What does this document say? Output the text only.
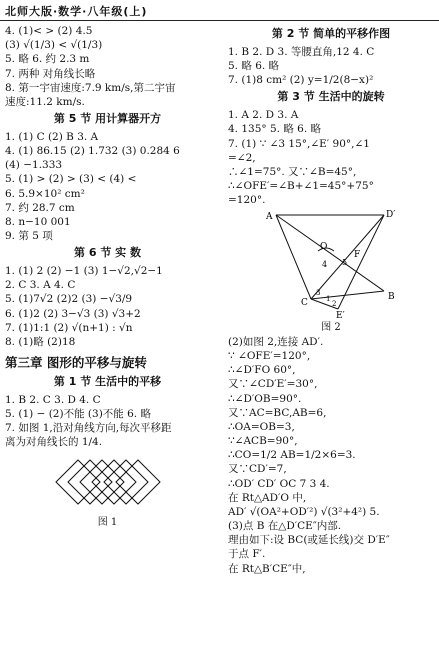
北师大版·数学·八年级(上)

4. (1)< > (2) 4.5

(3) √(1/3) < √(1/3)

5. 略 6. 约 2.3 m

7. 两种 对角线长略

8. 第一宇宙速度:7.9 km/s,第二宇宙

速度:11.2 km/s.

第 5 节 用计算器开方

1. (1) C (2) B 3. A

4. (1) 86.15 (2) 1.732 (3) 0.284 6

(4) −1.333

5. (1) > (2) > (3) < (4) <

6. 5.9×10² cm²

7. 约 28.7 cm

8. n−10 001

9. 第 5 项

第 6 节 实 数

1. (1) 2 (2) −1 (3) 1−√2,√2−1

2. C 3. A 4. C

5. (1)7√2 (2)2 (3) −√3/9

6. (1)2 (2) 3−√3 (3) √3+2

7. (1)1:1 (2) √(n+1) : √n

8. (1)略 (2)18

第三章 图形的平移与旋转

第 1 节 生活中的平移

1. B 2. C 3. D 4. C

5. (1) − (2)不能 (3)不能 6. 略

7. 如图 1,沿对角线方向,每次平移距

离为对角线长的 1/4.

图 1

第 2 节 简单的平移作图

1. B 2. D 3. 等腰直角,12 4. C

5. 略 6. 略

7. (1)8 cm² (2) y=1/2(8−x)²

第 3 节 生活中的旋转

1. A 2. D 3. A

4. 135° 5. 略 6. 略

7. (1) ∵ ∠3 15°,∠E′ 90°,∠1

=∠2,

∴∠1=75°. 又∵∠B=45°,

∴∠OFE′=∠B+∠1=45°+75°

=120°.

A	D′
O
F
4 5
C
B
E′
3
1
2

图 2

(2)如图 2,连接 AD′.

∵ ∠OFE′=120°,

∴∠D′FO 60°,

又∵∠CD′E′=30°,

∴∠D′OB=90°.

又∵AC=BC,AB=6,

∴OA=OB=3,

∵∠ACB=90°,

∴CO=1/2 AB=1/2×6=3.

又∵CD′=7,

∴OD′ CD′ OC 7 3 4.

在 Rt△AD′O 中,

AD′ √(OA²+OD′²) √(3²+4²) 5.

(3)点 B 在△D′CE″内部.

理由如下:设 BC(或延长线)交 D′E″

于点 F′.

在 Rt△B′CE″中,
